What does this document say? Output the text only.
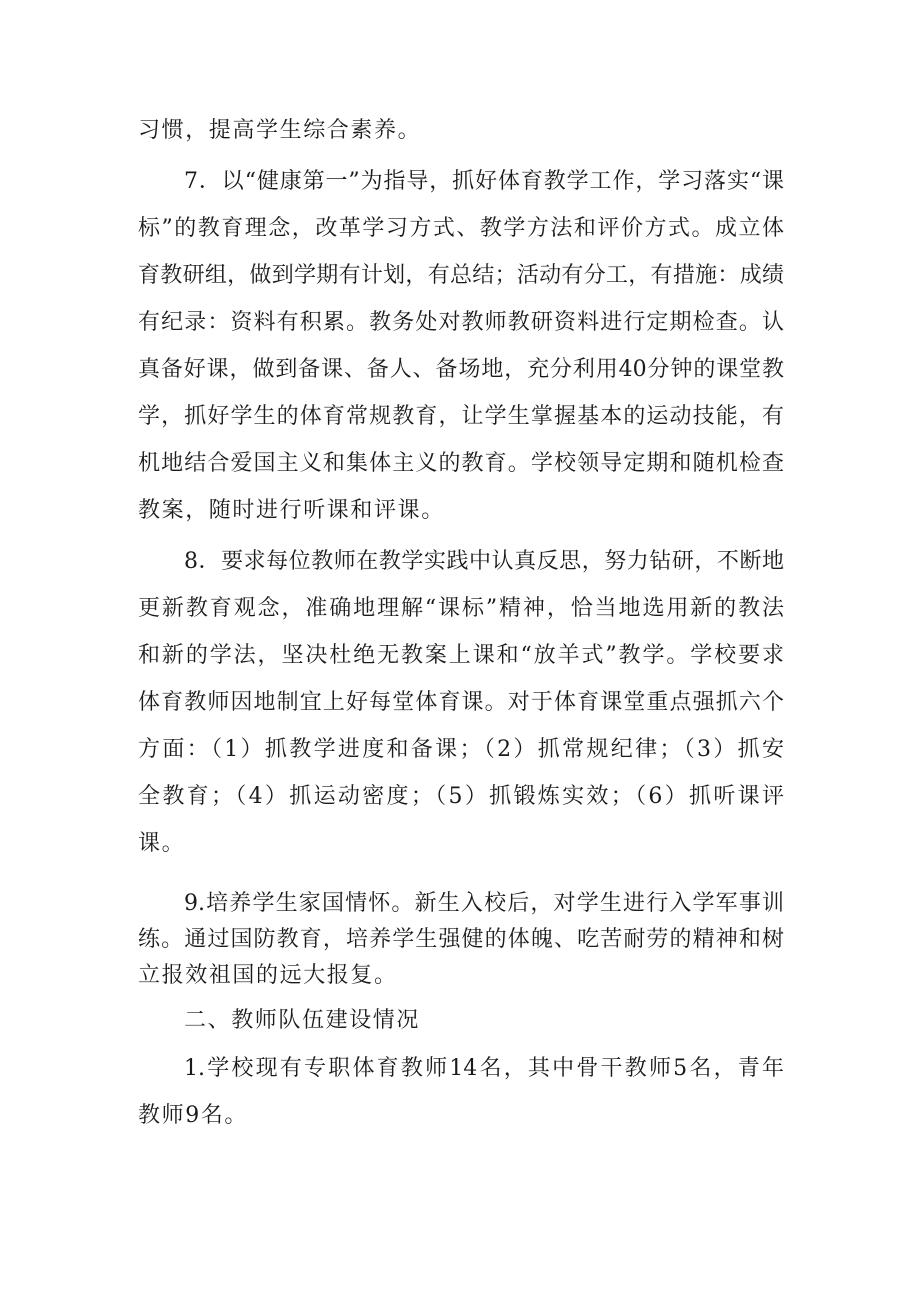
习惯，提高学生综合素养。
7．以“健康第一”为指导，抓好体育教学工作，学习落实“课
标”的教育理念，改革学习方式、教学方法和评价方式。成立体
育教研组，做到学期有计划，有总结；活动有分工，有措施：成绩
有纪录：资料有积累。教务处对教师教研资料进行定期检查。认
真备好课，做到备课、备人、备场地，充分利用40分钟的课堂教
学，抓好学生的体育常规教育，让学生掌握基本的运动技能，有
机地结合爱国主义和集体主义的教育。学校领导定期和随机检查
教案，随时进行听课和评课。
8．要求每位教师在教学实践中认真反思，努力钻研，不断地
更新教育观念，准确地理解“课标”精神，恰当地选用新的教法
和新的学法，坚决杜绝无教案上课和“放羊式”教学。学校要求
体育教师因地制宜上好每堂体育课。对于体育课堂重点强抓六个
方面：（1）抓教学进度和备课；（2）抓常规纪律；（3）抓安
全教育；（4）抓运动密度；（5）抓锻炼实效；（6）抓听课评
课。
9.培养学生家国情怀。新生入校后，对学生进行入学军事训
练。通过国防教育，培养学生强健的体魄、吃苦耐劳的精神和树
立报效祖国的远大报复。
二、教师队伍建设情况
1.学校现有专职体育教师14名，其中骨干教师5名，青年
教师9名。
